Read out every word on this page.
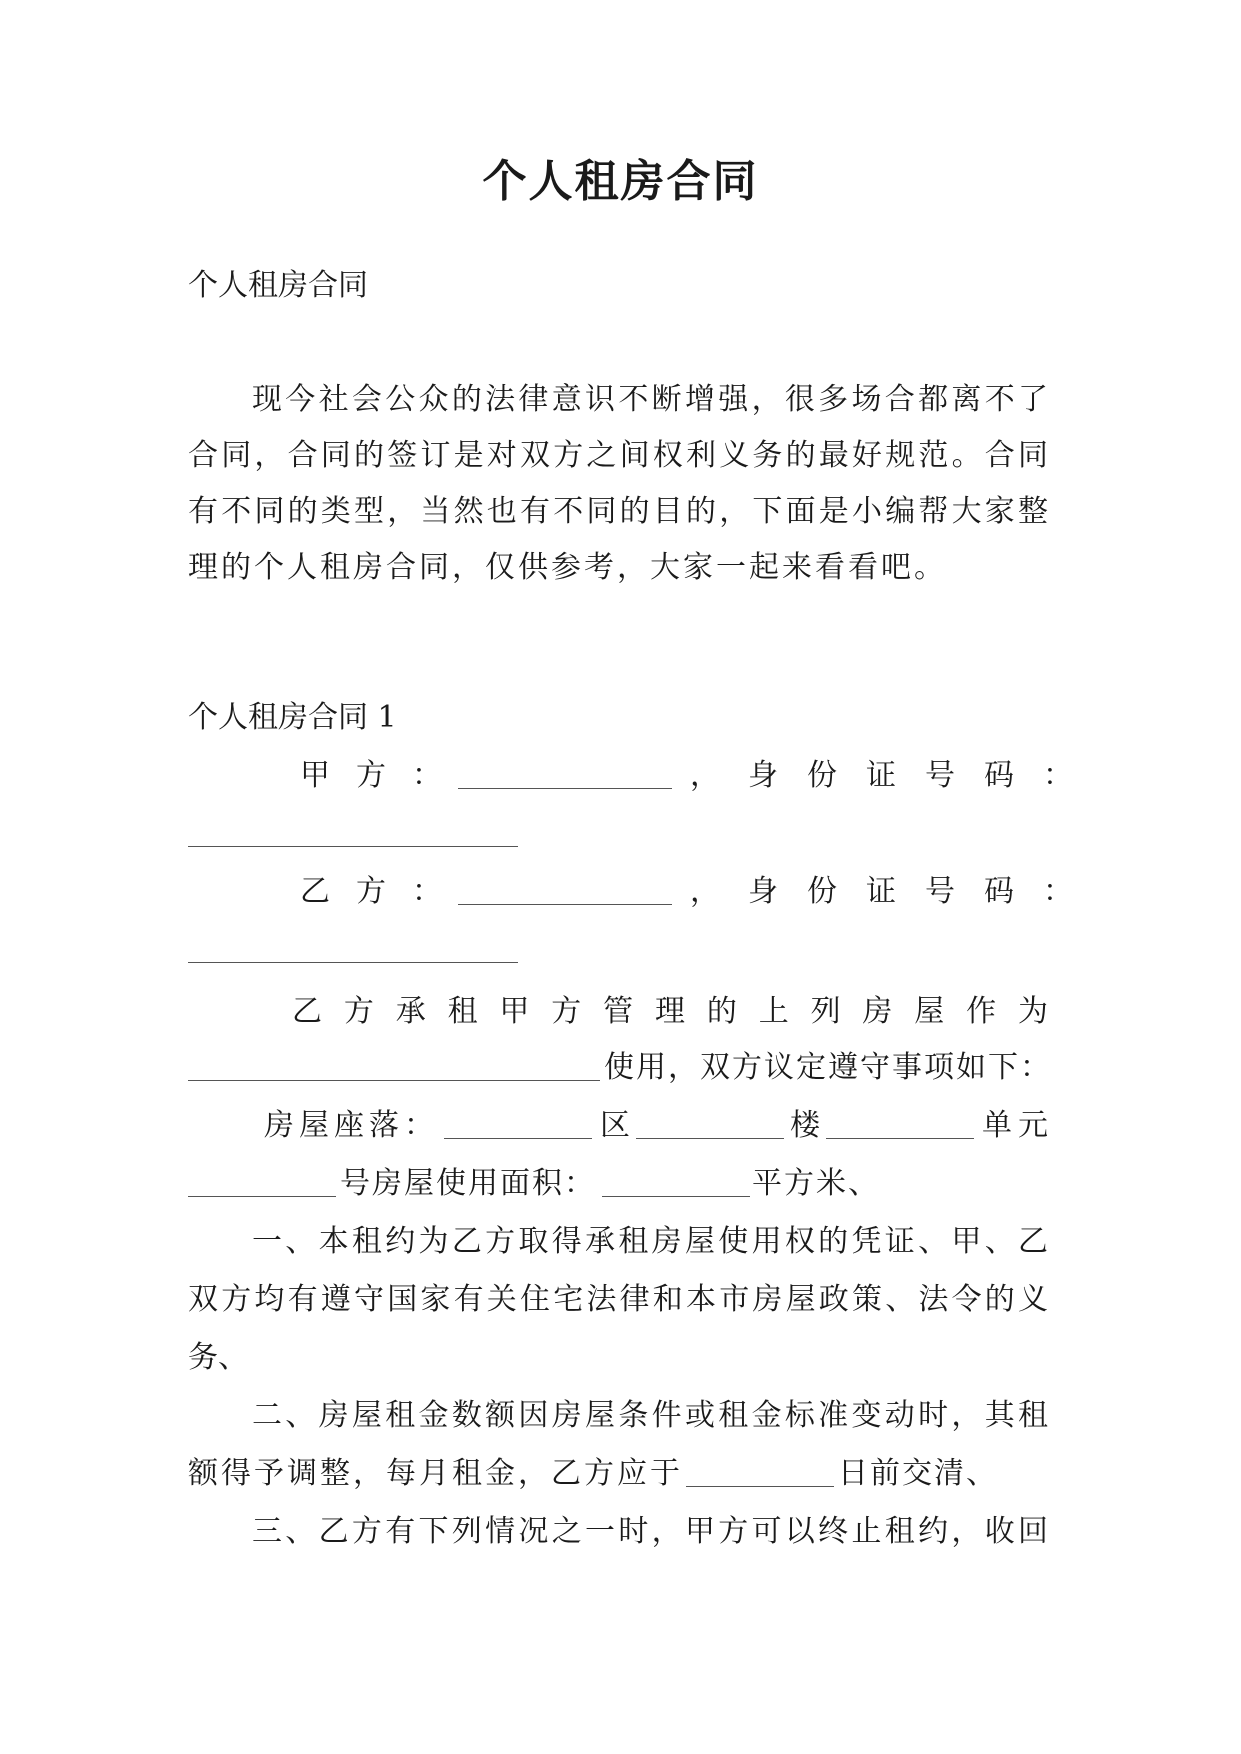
个人租房合同
个人租房合同
现今社会公众的法律意识不断增强，很多场合都离不了
合同，合同的签订是对双方之间权利义务的最好规范。合同
有不同的类型，当然也有不同的目的，下面是小编帮大家整
理的个人租房合同，仅供参考，大家一起来看看吧。
个人租房合同 1
甲方：	， 身份证号码：
乙方：	， 身份证号码：
乙方承租甲方管理的上列房屋作为
使用，双方议定遵守事项如下：
房屋座落：	区	楼	单元
号房屋使用面积：	平方米、
一、本租约为乙方取得承租房屋使用权的凭证、甲、乙
双方均有遵守国家有关住宅法律和本市房屋政策、法令的义
务、
二、房屋租金数额因房屋条件或租金标准变动时，其租
额得予调整，每月租金，乙方应于	日前交清、
三、乙方有下列情况之一时，甲方可以终止租约，收回
